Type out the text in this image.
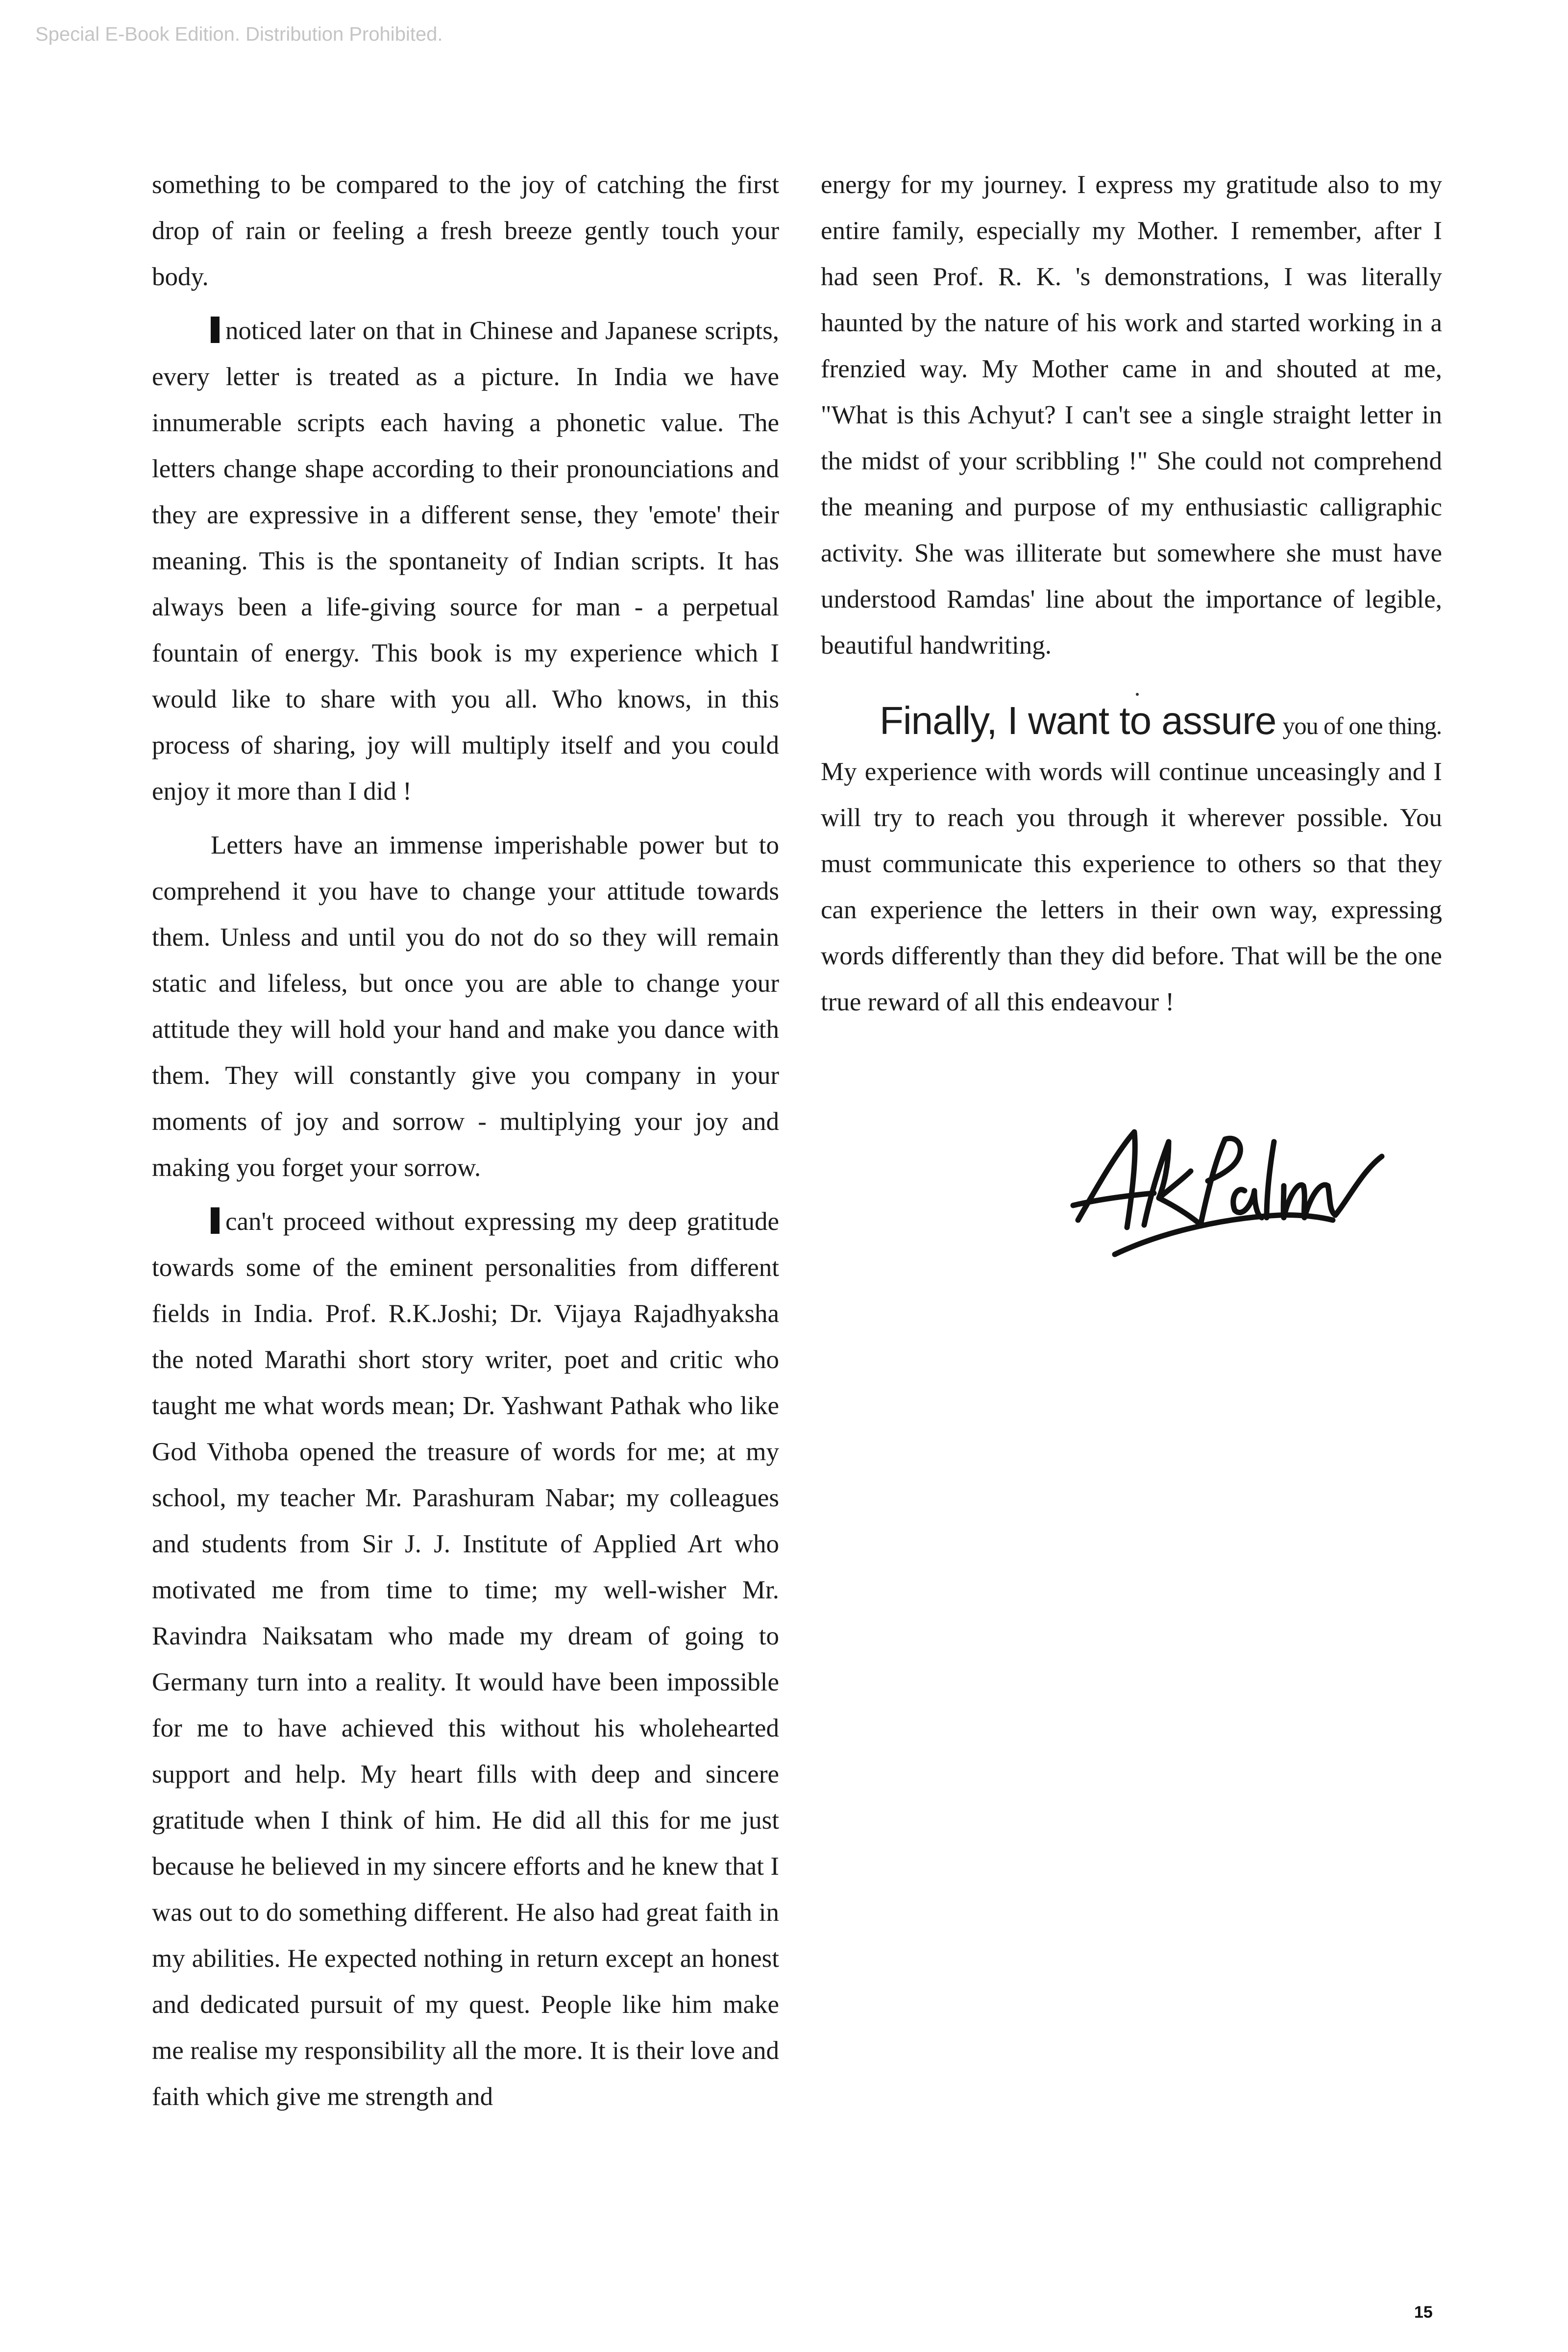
Special E-Book Edition. Distribution Prohibited.

something to be compared to the joy of catching the first drop of rain or feeling a fresh breeze gently touch your body.

noticed later on that in Chinese and Japanese scripts, every letter is treated as a picture. In India we have innumerable scripts each having a phonetic value. The letters change shape according to their pronounciations and they are expressive in a different sense, they 'emote' their meaning. This is the spontaneity of Indian scripts. It has always been a life-giving source for man - a perpetual fountain of energy. This book is my experience which I would like to share with you all. Who knows, in this process of sharing, joy will multiply itself and you could enjoy it more than I did !

Letters have an immense imperishable power but to comprehend it you have to change your attitude towards them. Unless and until you do not do so they will remain static and lifeless, but once you are able to change your attitude they will hold your hand and make you dance with them. They will constantly give you company in your moments of joy and sorrow - multiplying your joy and making you forget your sorrow.

can't proceed without expressing my deep gratitude towards some of the eminent personalities from different fields in India. Prof. R.K.Joshi; Dr. Vijaya Rajadhyaksha the noted Marathi short story writer, poet and critic who taught me what words mean; Dr. Yashwant Pathak who like God Vithoba opened the treasure of words for me; at my school, my teacher Mr. Parashuram Nabar; my colleagues and students from Sir J. J. Institute of Applied Art who motivated me from time to time; my well-wisher Mr. Ravindra Naiksatam who made my dream of going to Germany turn into a reality. It would have been impossible for me to have achieved this without his wholehearted support and help. My heart fills with deep and sincere gratitude when I think of him. He did all this for me just because he believed in my sincere efforts and he knew that I was out to do something different. He also had great faith in my abilities. He expected nothing in return except an honest and dedicated pursuit of my quest. People like him make me realise my responsibility all the more. It is their love and faith which give me strength and

energy for my journey. I express my gratitude also to my entire family, especially my Mother. I remember, after I had seen Prof. R. K. 's demonstrations, I was literally haunted by the nature of his work and started working in a frenzied way. My Mother came in and shouted at me, "What is this Achyut? I can't see a single straight letter in the midst of your scribbling !" She could not comprehend the meaning and purpose of my enthusiastic calligraphic activity. She was illiterate but somewhere she must have understood Ramdas' line about the importance of legible, beautiful handwriting.

Finally, I want to assure you of one thing.

My experience with words will continue unceasingly and I will try to reach you through it wherever possible. You must communicate this experience to others so that they can experience the letters in their own way, expressing words differently than they did before. That will be the one true reward of all this endeavour !

15
